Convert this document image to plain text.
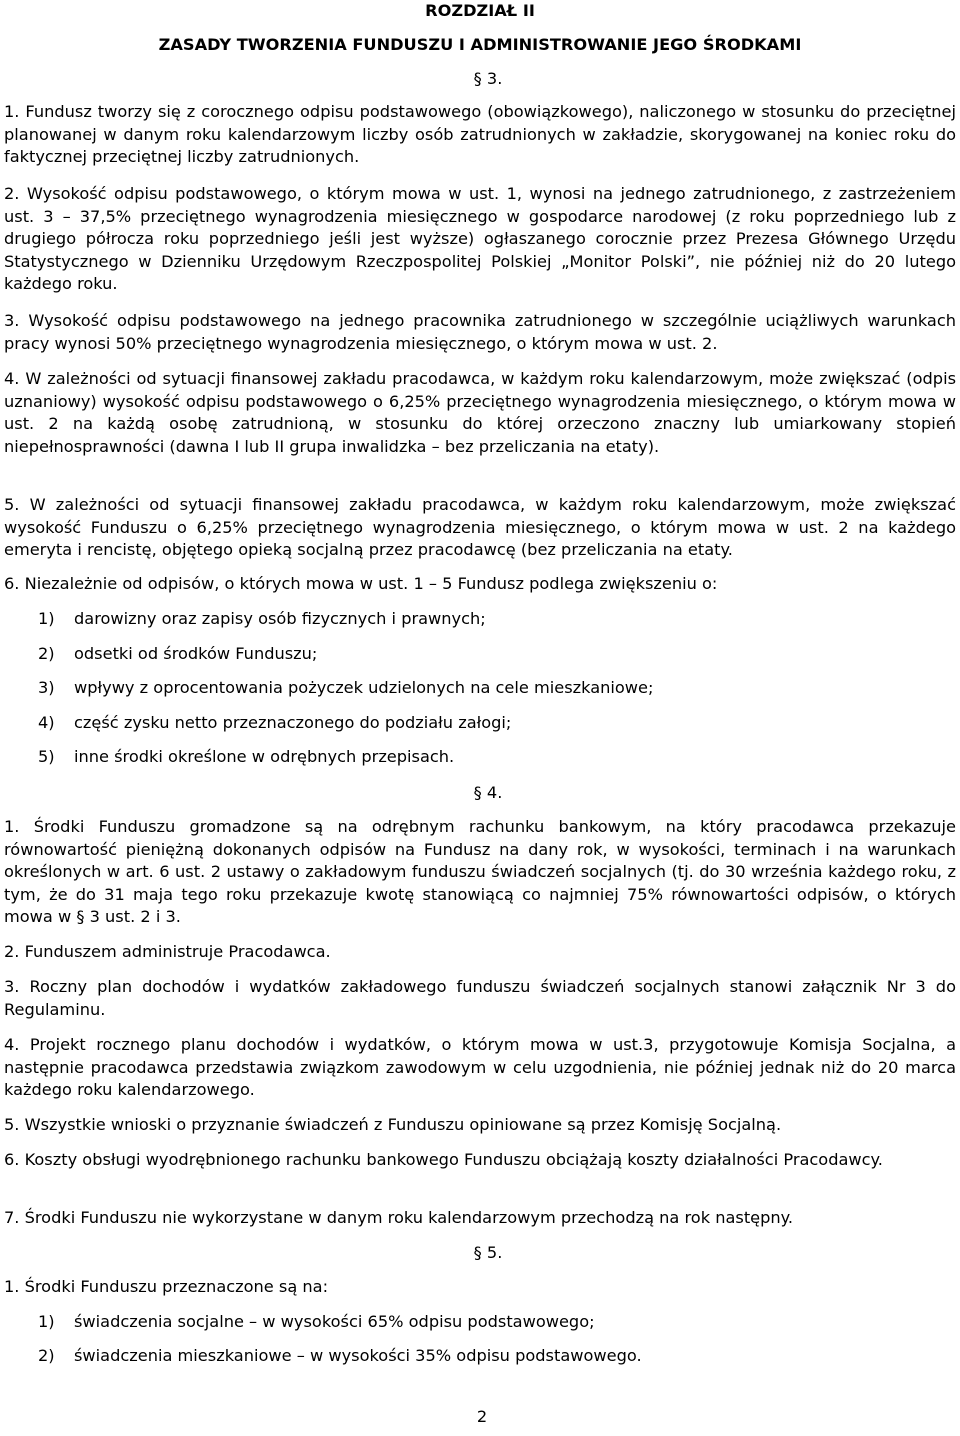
ROZDZIAŁ II
ZASADY TWORZENIA FUNDUSZU I ADMINISTROWANIE JEGO ŚRODKAMI
§ 3.
1. Fundusz tworzy się z corocznego odpisu podstawowego (obowiązkowego), naliczonego w stosunku do przeciętnej planowanej w danym roku kalendarzowym liczby osób zatrudnionych w zakładzie, skorygowanej na koniec roku do faktycznej przeciętnej liczby zatrudnionych.
2. Wysokość odpisu podstawowego, o którym mowa w ust. 1, wynosi na jednego zatrudnionego, z zastrzeżeniem ust. 3 – 37,5% przeciętnego wynagrodzenia miesięcznego w gospodarce narodowej (z roku poprzedniego lub z drugiego półrocza roku poprzedniego jeśli jest wyższe) ogłaszanego corocznie przez Prezesa Głównego Urzędu Statystycznego w Dzienniku Urzędowym Rzeczpospolitej Polskiej „Monitor Polski”, nie później niż do 20 lutego każdego roku.
3. Wysokość odpisu podstawowego na jednego pracownika zatrudnionego w szczególnie uciążliwych warunkach pracy wynosi 50% przeciętnego wynagrodzenia miesięcznego, o którym mowa w ust. 2.
4. W zależności od sytuacji finansowej zakładu pracodawca, w każdym roku kalendarzowym, może zwiększać (odpis uznaniowy) wysokość odpisu podstawowego o 6,25% przeciętnego wynagrodzenia miesięcznego, o którym mowa w ust. 2 na każdą osobę zatrudnioną, w stosunku do której orzeczono znaczny lub umiarkowany stopień niepełnosprawności (dawna I lub II grupa inwalidzka – bez przeliczania na etaty).
5. W zależności od sytuacji finansowej zakładu pracodawca, w każdym roku kalendarzowym, może zwiększać wysokość Funduszu o 6,25% przeciętnego wynagrodzenia miesięcznego, o którym mowa w ust. 2 na każdego emeryta i rencistę, objętego opieką socjalną przez pracodawcę (bez przeliczania na etaty.
6. Niezależnie od odpisów, o których mowa w ust. 1 – 5 Fundusz podlega zwiększeniu o:
1) darowizny oraz zapisy osób fizycznych i prawnych;
2) odsetki od środków Funduszu;
3) wpływy z oprocentowania pożyczek udzielonych na cele mieszkaniowe;
4) część zysku netto przeznaczonego do podziału załogi;
5) inne środki określone w odrębnych przepisach.
§ 4.
1. Środki Funduszu gromadzone są na odrębnym rachunku bankowym, na który pracodawca przekazuje równowartość pieniężną dokonanych odpisów na Fundusz na dany rok, w wysokości, terminach i na warunkach określonych w art. 6 ust. 2 ustawy o zakładowym funduszu świadczeń socjalnych (tj. do 30 września każdego roku, z tym, że do 31 maja tego roku przekazuje kwotę stanowiącą co najmniej 75% równowartości odpisów, o których mowa w § 3 ust. 2 i 3.
2. Funduszem administruje Pracodawca.
3. Roczny plan dochodów i wydatków zakładowego funduszu świadczeń socjalnych stanowi załącznik Nr 3 do Regulaminu.
4. Projekt rocznego planu dochodów i wydatków, o którym mowa w ust.3, przygotowuje Komisja Socjalna, a następnie pracodawca przedstawia związkom zawodowym w celu uzgodnienia, nie później jednak niż do 20 marca każdego roku kalendarzowego.
5. Wszystkie wnioski o przyznanie świadczeń z Funduszu opiniowane są przez Komisję Socjalną.
6. Koszty obsługi wyodrębnionego rachunku bankowego Funduszu obciążają koszty działalności Pracodawcy.
7. Środki Funduszu nie wykorzystane w danym roku kalendarzowym przechodzą na rok następny.
§ 5.
1. Środki Funduszu przeznaczone są na:
1) świadczenia socjalne – w wysokości 65% odpisu podstawowego;
2) świadczenia mieszkaniowe – w wysokości 35% odpisu podstawowego.
2
